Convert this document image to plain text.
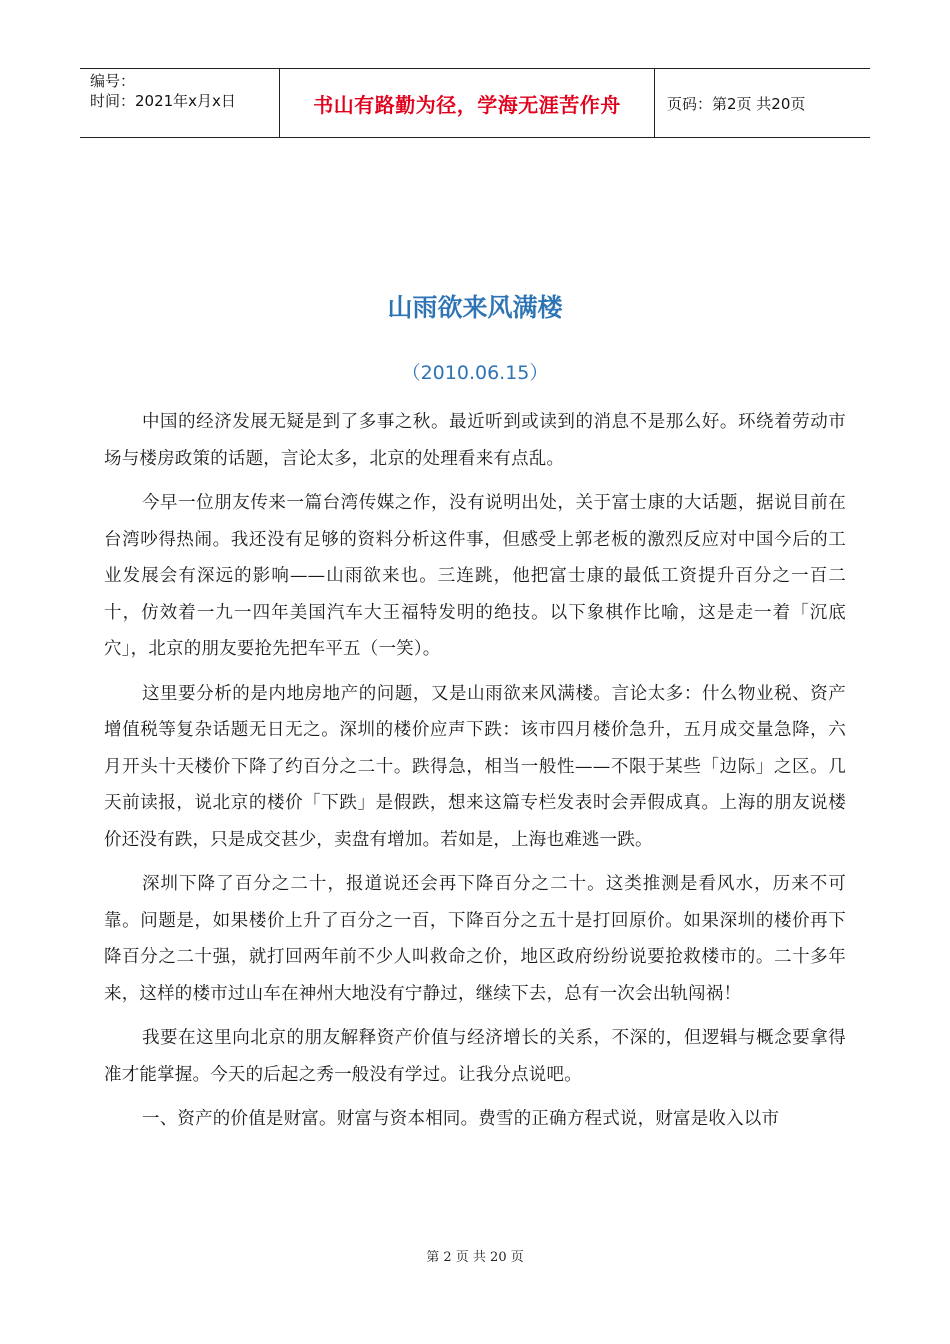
编号：
时间：2021年x月x日	书山有路勤为径，学海无涯苦作舟	页码：第2页 共20页
山雨欲来风满楼
（2010.06.15）

中国的经济发展无疑是到了多事之秋。最近听到或读到的消息不是那么好。环绕着劳动市场与楼房政策的话题，言论太多，北京的处理看来有点乱。

今早一位朋友传来一篇台湾传媒之作，没有说明出处，关于富士康的大话题，据说目前在台湾吵得热闹。我还没有足够的资料分析这件事，但感受上郭老板的激烈反应对中国今后的工业发展会有深远的影响——山雨欲来也。三连跳，他把富士康的最低工资提升百分之一百二十，仿效着一九一四年美国汽车大王福特发明的绝技。以下象棋作比喻，这是走一着「沉底穴」，北京的朋友要抢先把车平五（一笑）。

这里要分析的是内地房地产的问题，又是山雨欲来风满楼。言论太多：什么物业税、资产增值税等复杂话题无日无之。深圳的楼价应声下跌：该市四月楼价急升，五月成交量急降，六月开头十天楼价下降了约百分之二十。跌得急，相当一般性——不限于某些「边际」之区。几天前读报，说北京的楼价「下跌」是假跌，想来这篇专栏发表时会弄假成真。上海的朋友说楼价还没有跌，只是成交甚少，卖盘有增加。若如是，上海也难逃一跌。

深圳下降了百分之二十，报道说还会再下降百分之二十。这类推测是看风水，历来不可靠。问题是，如果楼价上升了百分之一百，下降百分之五十是打回原价。如果深圳的楼价再下降百分之二十强，就打回两年前不少人叫救命之价，地区政府纷纷说要抢救楼市的。二十多年来，这样的楼市过山车在神州大地没有宁静过，继续下去，总有一次会出轨闯祸！

我要在这里向北京的朋友解释资产价值与经济增长的关系，不深的，但逻辑与概念要拿得准才能掌握。今天的后起之秀一般没有学过。让我分点说吧。

一、资产的价值是财富。财富与资本相同。费雪的正确方程式说，财富是收入以市

第 2 页 共 20 页
